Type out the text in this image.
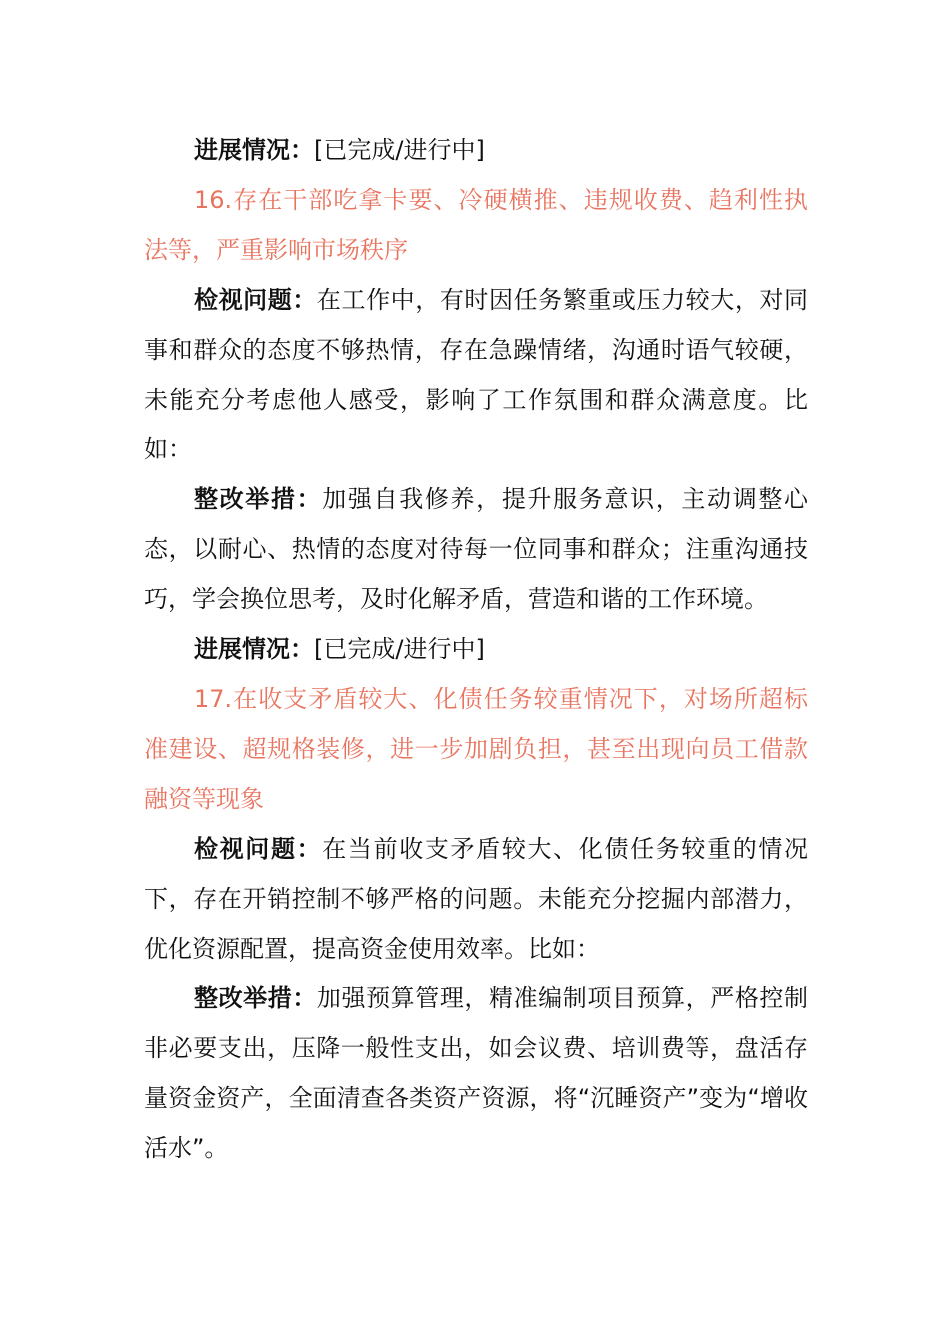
进展情况：[已完成/进行中]

16.存在干部吃拿卡要、冷硬横推、违规收费、趋利性执法等，严重影响市场秩序

检视问题：在工作中，有时因任务繁重或压力较大，对同事和群众的态度不够热情，存在急躁情绪，沟通时语气较硬，未能充分考虑他人感受，影响了工作氛围和群众满意度。比如：

整改举措：加强自我修养，提升服务意识，主动调整心态，以耐心、热情的态度对待每一位同事和群众；注重沟通技巧，学会换位思考，及时化解矛盾，营造和谐的工作环境。

进展情况：[已完成/进行中]

17.在收支矛盾较大、化债任务较重情况下，对场所超标准建设、超规格装修，进一步加剧负担，甚至出现向员工借款融资等现象

检视问题：在当前收支矛盾较大、化债任务较重的情况下，存在开销控制不够严格的问题。未能充分挖掘内部潜力，优化资源配置，提高资金使用效率。比如：

整改举措：加强预算管理，精准编制项目预算，严格控制非必要支出，压降一般性支出，如会议费、培训费等，盘活存量资金资产，全面清查各类资产资源，将“沉睡资产”变为“增收活水”。
